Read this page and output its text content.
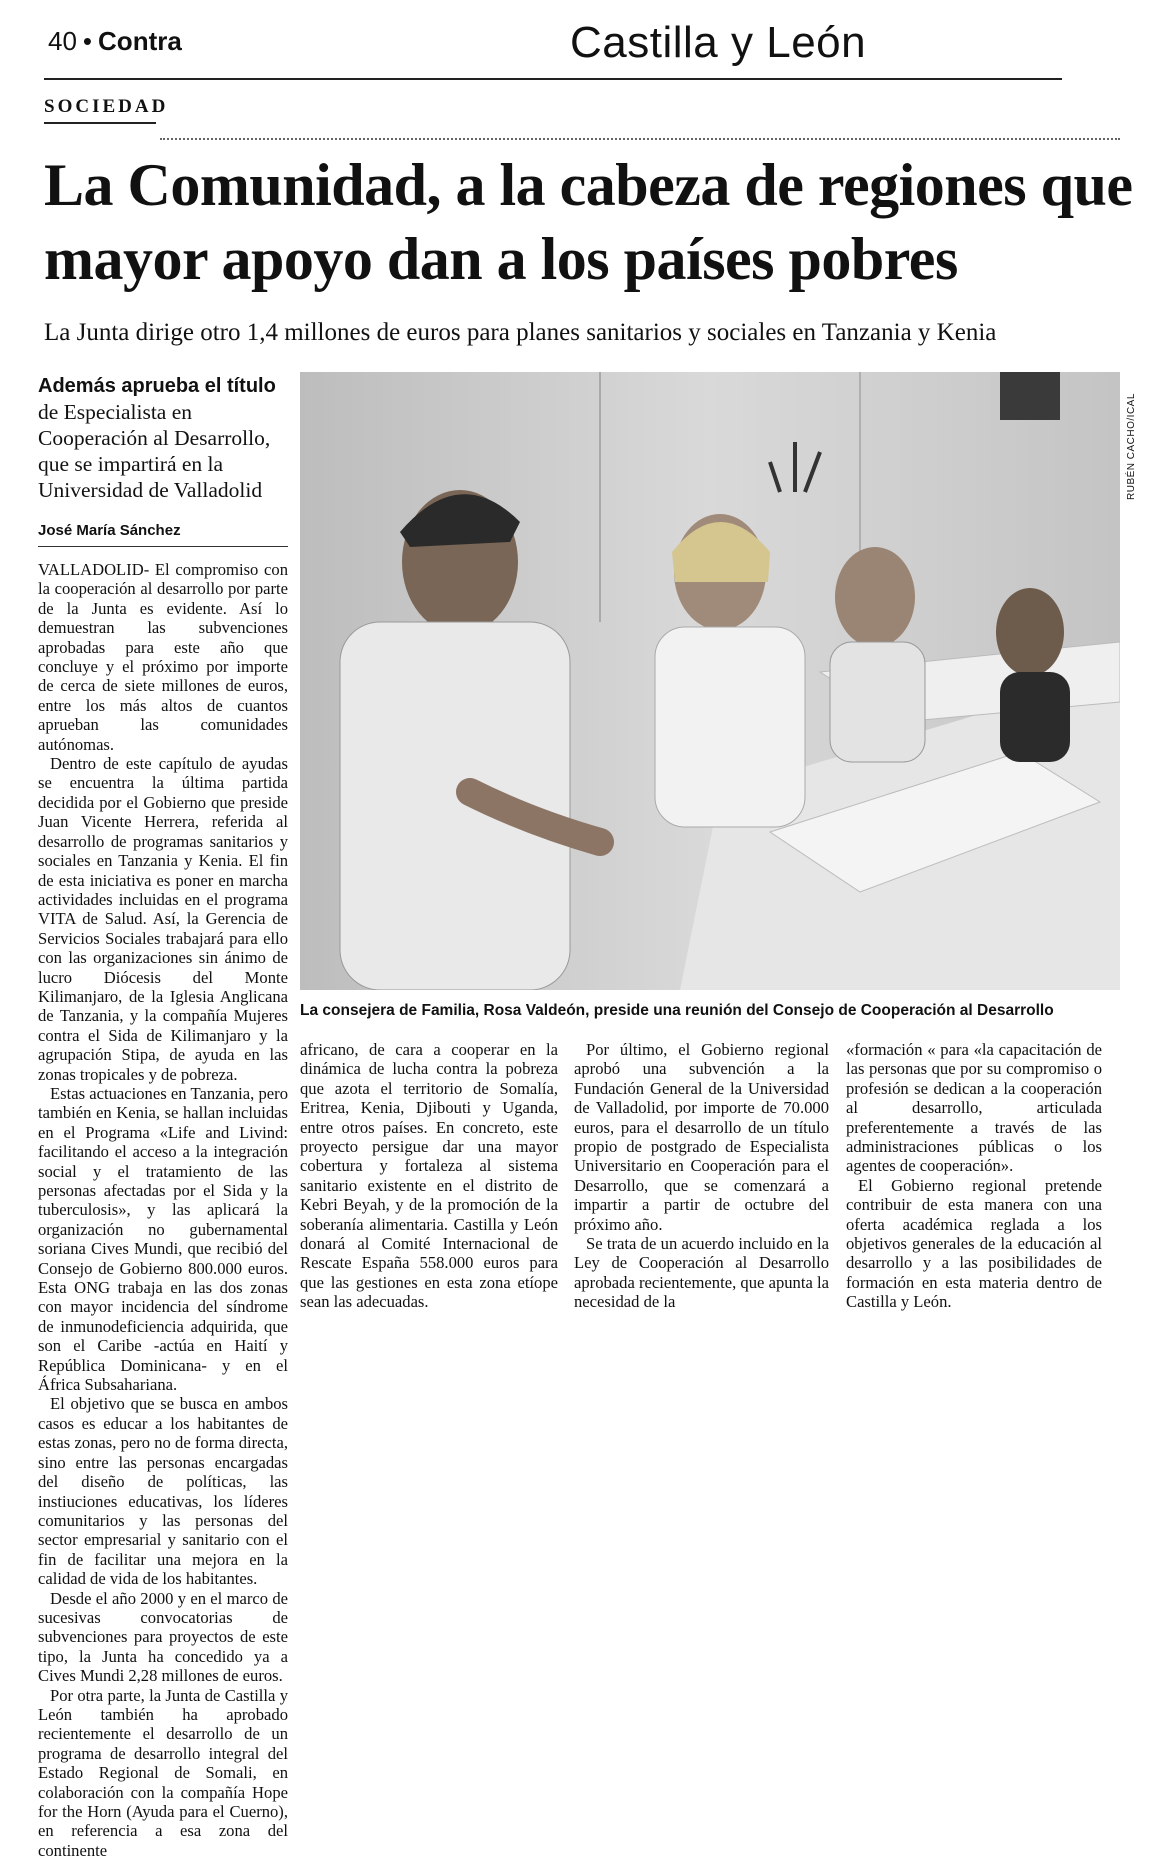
40 • Contra	Castilla y León
SOCIEDAD
La Comunidad, a la cabeza de regiones que mayor apoyo dan a los países pobres
La Junta dirige otro 1,4 millones de euros para planes sanitarios y sociales en Tanzania y Kenia
Además aprueba el título de Especialista en Cooperación al Desarrollo, que se impartirá en la Universidad de Valladolid
José María Sánchez

VALLADOLID- El compromiso con la cooperación al desarrollo por parte de la Junta es evidente. Así lo demuestran las subvenciones aprobadas para este año que concluye y el próximo por importe de cerca de siete millones de euros, entre los más altos de cuantos aprueban las comunidades autónomas.

Dentro de este capítulo de ayudas se encuentra la última partida decidida por el Gobierno que preside Juan Vicente Herrera, referida al desarrollo de programas sanitarios y sociales en Tanzania y Kenia. El fin de esta iniciativa es poner en marcha actividades incluidas en el programa VITA de Salud. Así, la Gerencia de Servicios Sociales trabajará para ello con las organizaciones sin ánimo de lucro Diócesis del Monte Kilimanjaro, de la Iglesia Anglicana de Tanzania, y la compañía Mujeres contra el Sida de Kilimanjaro y la agrupación Stipa, de ayuda en las zonas tropicales y de pobreza.

Estas actuaciones en Tanzania, pero también en Kenia, se hallan incluidas en el Programa «Life and Livind: facilitando el acceso a la integración social y el tratamiento de las personas afectadas por el Sida y la tuberculosis», y las aplicará la organización no gubernamental soriana Cives Mundi, que recibió del Consejo de Gobierno 800.000 euros. Esta ONG trabaja en las dos zonas con mayor incidencia del síndrome de inmunodeficiencia adquirida, que son el Caribe -actúa en Haití y República Dominicana- y en el África Subsahariana.

El objetivo que se busca en ambos casos es educar a los habitantes de estas zonas, pero no de forma directa, sino entre las personas encargadas del diseño de políticas, las instiuciones educativas, los líderes comunitarios y las personas del sector empresarial y sanitario con el fin de facilitar una mejora en la calidad de vida de los habitantes.

Desde el año 2000 y en el marco de sucesivas convocatorias de subvenciones para proyectos de este tipo, la Junta ha concedido ya a Cives Mundi 2,28 millones de euros.

Por otra parte, la Junta de Castilla y León también ha aprobado recientemente el desarrollo de un programa de desarrollo integral del Estado Regional de Somali, en colaboración con la compañía Hope for the Horn (Ayuda para el Cuerno), en referencia a esa zona del continente

RUBÉN CACHO/ICAL
La consejera de Familia, Rosa Valdeón, preside una reunión del Consejo de Cooperación al Desarrollo

africano, de cara a cooperar en la dinámica de lucha contra la pobreza que azota el territorio de Somalía, Eritrea, Kenia, Djibouti y Uganda, entre otros países. En concreto, este proyecto persigue dar una mayor cobertura y fortaleza al sistema sanitario existente en el distrito de Kebri Beyah, y de la promoción de la soberanía alimentaria. Castilla y León donará al Comité Internacional de Rescate España 558.000 euros para que las gestiones en esta zona etíope sean las adecuadas.

Por último, el Gobierno regional aprobó una subvención a la Fundación General de la Universidad de Valladolid, por importe de 70.000 euros, para el desarrollo de un título propio de postgrado de Especialista Universitario en Cooperación para el Desarrollo, que se comenzará a impartir a partir de octubre del próximo año.

Se trata de un acuerdo incluido en la Ley de Cooperación al Desarrollo aprobada recientemente, que apunta la necesidad de la

«formación « para «la capacitación de las personas que por su compromiso o profesión se dedican a la cooperación al desarrollo, articulada preferentemente a través de las administraciones públicas o los agentes de cooperación».

El Gobierno regional pretende contribuir de esta manera con una oferta académica reglada a los objetivos generales de la educación al desarrollo y a las posibilidades de formación en esta materia dentro de Castilla y León.
